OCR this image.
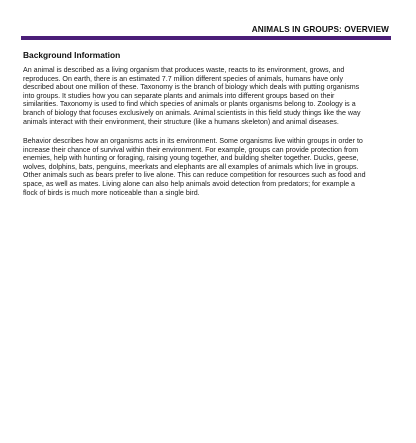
ANIMALS IN GROUPS: OVERVIEW
Background Information

An animal is described as a living organism that produces waste, reacts to its environment, grows, and
reproduces. On earth, there is an estimated 7.7 million different species of animals, humans have only
described about one million of these. Taxonomy is the branch of biology which deals with putting organisms
into groups. It studies how you can separate plants and animals into different groups based on their
similarities. Taxonomy is used to find which species of animals or plants organisms belong to. Zoology is a
branch of biology that focuses exclusively on animals. Animal scientists in this field study things like the way
animals interact with their environment, their structure (like a humans skeleton) and animal diseases.

Behavior describes how an organisms acts in its environment. Some organisms live within groups in order to
increase their chance of survival within their environment. For example, groups can provide protection from
enemies, help with hunting or foraging, raising young together, and building shelter together. Ducks, geese,
wolves, dolphins, bats, penguins, meerkats and elephants are all examples of animals which live in groups.
Other animals such as bears prefer to live alone. This can reduce competition for resources such as food and
space, as well as mates. Living alone can also help animals avoid detection from predators; for example a
flock of birds is much more noticeable than a single bird.
